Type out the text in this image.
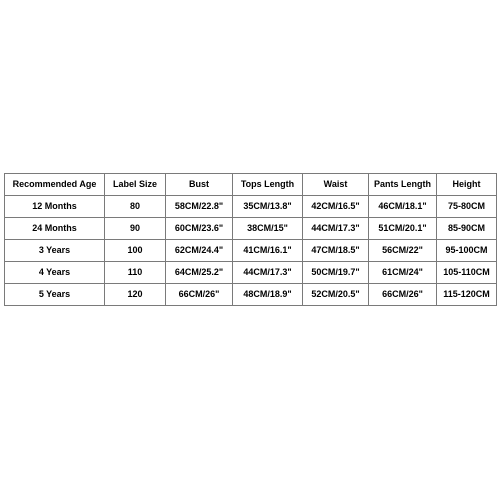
Recommended Age	Label Size	Bust	Tops Length	Waist	Pants Length	Height
12 Months	80	58CM/22.8"	35CM/13.8"	42CM/16.5"	46CM/18.1"	75-80CM
24 Months	90	60CM/23.6"	38CM/15"	44CM/17.3"	51CM/20.1"	85-90CM
3 Years	100	62CM/24.4"	41CM/16.1"	47CM/18.5"	56CM/22"	95-100CM
4 Years	110	64CM/25.2"	44CM/17.3"	50CM/19.7"	61CM/24"	105-110CM
5 Years	120	66CM/26"	48CM/18.9"	52CM/20.5"	66CM/26"	115-120CM
